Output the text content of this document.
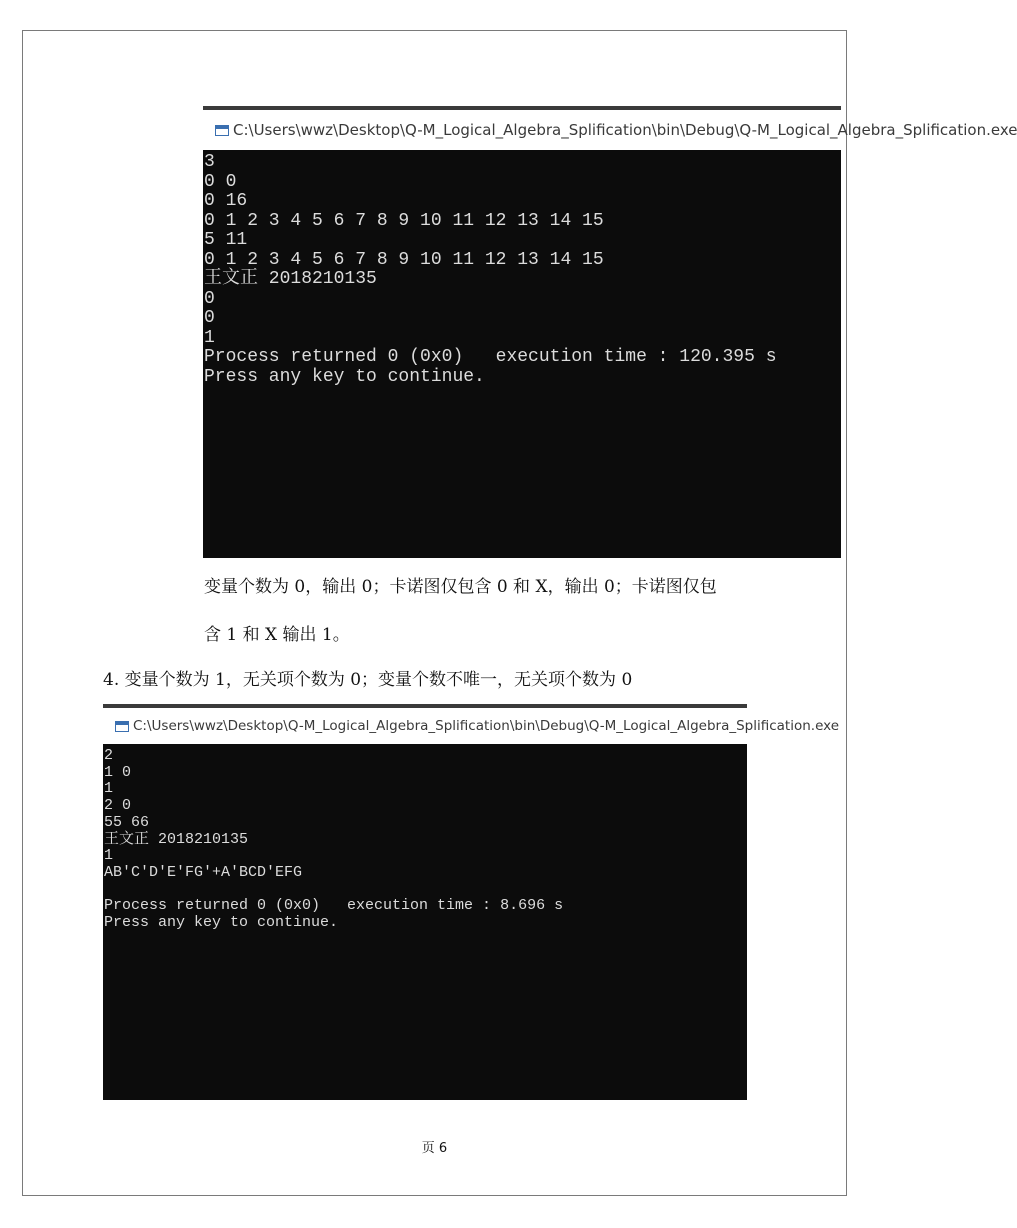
C:\Users\wwz\Desktop\Q-M_Logical_Algebra_Splification\bin\Debug\Q-M_Logical_Algebra_Splification.exe
3
0 0
0 16
0 1 2 3 4 5 6 7 8 9 10 11 12 13 14 15
5 11
0 1 2 3 4 5 6 7 8 9 10 11 12 13 14 15
王文正 2018210135
0
0
1
Process returned 0 (0x0)   execution time : 120.395 s
Press any key to continue.
变量个数为 0，输出 0；卡诺图仅包含 0 和 X，输出 0；卡诺图仅包
含 1 和 X 输出 1。
4. 变量个数为 1，无关项个数为 0；变量个数不唯一，无关项个数为 0
C:\Users\wwz\Desktop\Q-M_Logical_Algebra_Splification\bin\Debug\Q-M_Logical_Algebra_Splification.exe
2
1 0
1
2 0
55 66
王文正 2018210135
1
AB'C'D'E'FG'+A'BCD'EFG

Process returned 0 (0x0)   execution time : 8.696 s
Press any key to continue.
页 6
